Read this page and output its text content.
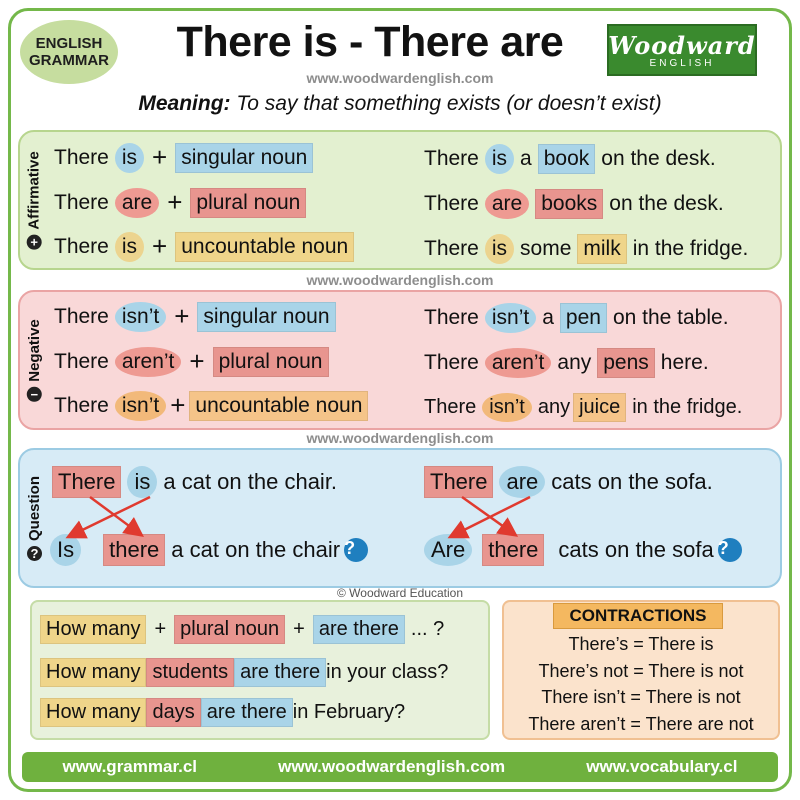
ENGLISH
GRAMMAR	There is - There are
www.woodwardenglish.com
Woodward
ENGLISH
Meaning: To say that something exists (or doesn’t exist)
+
Affirmative
−
Negative
?
Question
There is + singular noun	There is a book on the desk.
There are + plural noun	There are books on the desk.
There is + uncountable noun	There is some milk in the fridge.
www.woodwardenglish.com
There isn’t + singular noun	There isn’t a pen on the table.
There aren’t + plural noun	There aren’t any pens here.
There isn’t + uncountable noun	There isn’t any juice in the fridge.
www.woodwardenglish.com
There is a cat on the chair.	There are cats on the sofa.
Is	there a cat on the chair ?	Are	there cats on the sofa ?
© Woodward Education
How many + plural noun + are there ... ?
How many students are there in your class?
How many days are there in February?
CONTRACTIONS
There’s = There is
There’s not = There is not
There isn’t = There is not
There aren’t = There are not
www.grammar.cl	www.woodwardenglish.com	www.vocabulary.cl
